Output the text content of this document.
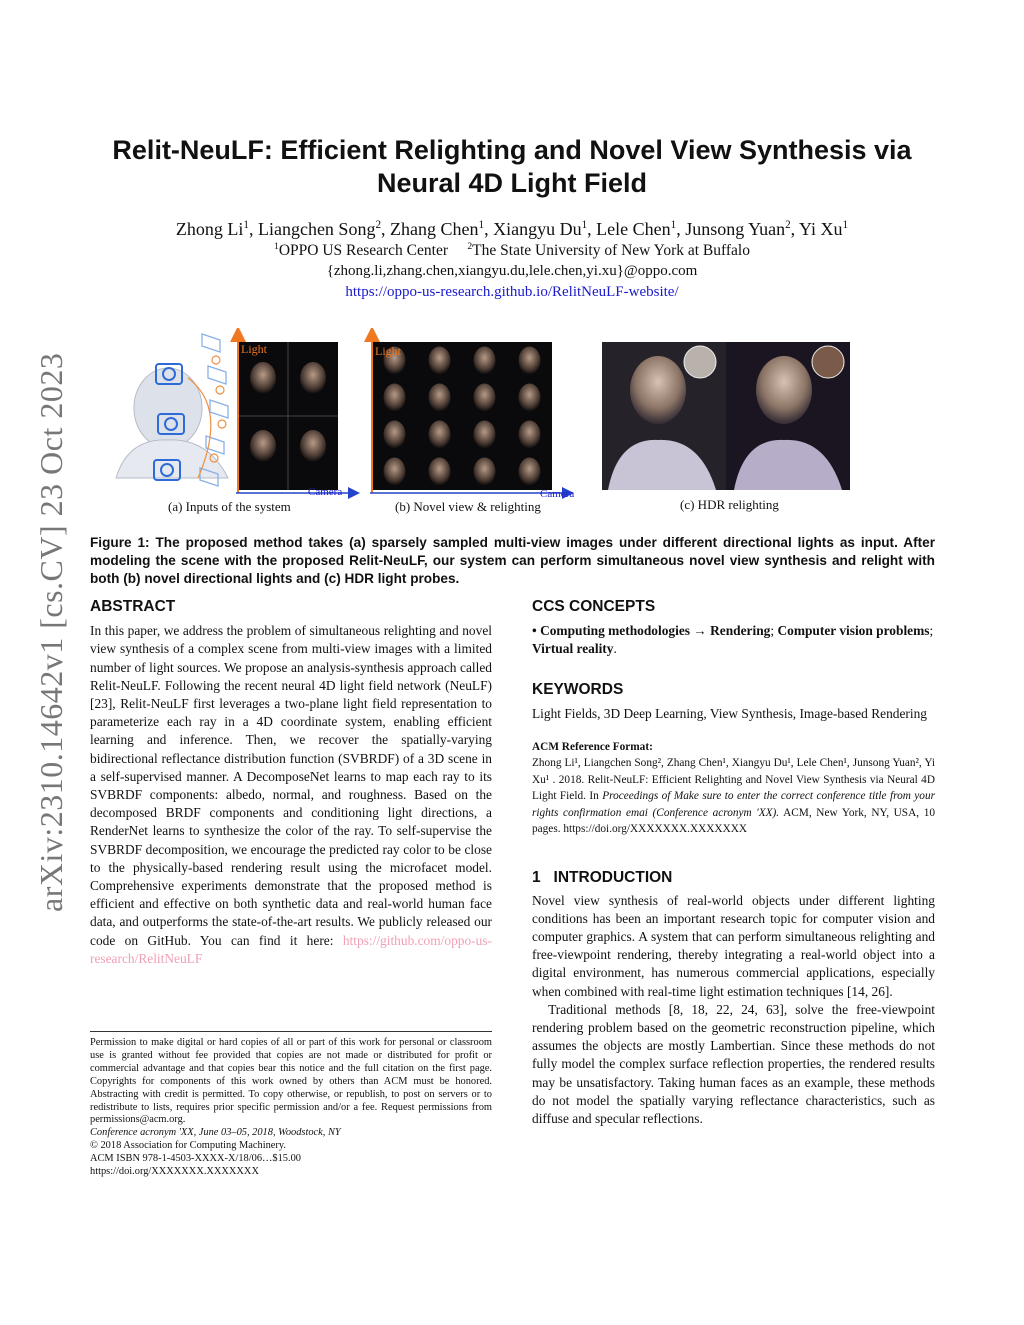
arXiv:2310.14642v1 [cs.CV] 23 Oct 2023
Relit-NeuLF: Efficient Relighting and Novel View Synthesis via
Neural 4D Light Field
Zhong Li$^1$, Liangchen Song$^2$, Zhang Chen$^1$, Xiangyu Du$^1$, Lele Chen$^1$, Junsong Yuan$^2$, Yi Xu$^1$
$^1$OPPO US Research Center $^2$The State University of New York at Buffalo
{zhong.li,zhang.chen,xiangyu.du,lele.chen,yi.xu}@oppo.com
https://oppo-us-research.github.io/RelitNeuLF-website/
Light
Camera
Light
Camera
(a) Inputs of the system	(b) Novel view & relighting	(c) HDR relighting
Figure 1: The proposed method takes (a) sparsely sampled multi-view images under different directional lights as input. After modeling the scene with the proposed Relit-NeuLF, our system can perform simultaneous novel view synthesis and relight with both (b) novel directional lights and (c) HDR light probes.
ABSTRACT

In this paper, we address the problem of simultaneous relighting and novel view synthesis of a complex scene from multi-view images with a limited number of light sources. We propose an analysis-synthesis approach called Relit-NeuLF. Following the recent neural 4D light field network (NeuLF) [23], Relit-NeuLF first leverages a two-plane light field representation to parameterize each ray in a 4D coordinate system, enabling efficient learning and inference. Then, we recover the spatially-varying bidirectional reflectance distribution function (SVBRDF) of a 3D scene in a self-supervised manner. A DecomposeNet learns to map each ray to its SVBRDF components: albedo, normal, and roughness. Based on the decomposed BRDF components and conditioning light directions, a RenderNet learns to synthesize the color of the ray. To self-supervise the SVBRDF decomposition, we encourage the predicted ray color to be close to the physically-based rendering result using the microfacet model. Comprehensive experiments demonstrate that the proposed method is efficient and effective on both synthetic data and real-world human face data, and outperforms the state-of-the-art results. We publicly released our code on GitHub. You can find it here: https://github.com/oppo-us-research/RelitNeuLF

Permission to make digital or hard copies of all or part of this work for personal or classroom use is granted without fee provided that copies are not made or distributed for profit or commercial advantage and that copies bear this notice and the full citation on the first page. Copyrights for components of this work owned by others than ACM must be honored. Abstracting with credit is permitted. To copy otherwise, or republish, to post on servers or to redistribute to lists, requires prior specific permission and/or a fee. Request permissions from permissions@acm.org.

Conference acronym 'XX, June 03–05, 2018, Woodstock, NY

© 2018 Association for Computing Machinery.

ACM ISBN 978-1-4503-XXXX-X/18/06…$15.00

https://doi.org/XXXXXXX.XXXXXXX

CCS CONCEPTS

• Computing methodologies → Rendering; Computer vision problems; Virtual reality.

KEYWORDS

Light Fields, 3D Deep Learning, View Synthesis, Image-based Rendering

ACM Reference Format:

Zhong Li¹, Liangchen Song², Zhang Chen¹, Xiangyu Du¹, Lele Chen¹, Junsong Yuan², Yi Xu¹ . 2018. Relit-NeuLF: Efficient Relighting and Novel View Synthesis via Neural 4D Light Field. In Proceedings of Make sure to enter the correct conference title from your rights confirmation emai (Conference acronym 'XX). ACM, New York, NY, USA, 10 pages. https://doi.org/XXXXXXX.XXXXXXX

1 INTRODUCTION

Novel view synthesis of real-world objects under different lighting conditions has been an important research topic for computer vision and computer graphics. A system that can perform simultaneous relighting and free-viewpoint rendering, thereby integrating a real-world object into a digital environment, has numerous commercial applications, especially when combined with real-time light estimation techniques [14, 26].

Traditional methods [8, 18, 22, 24, 63], solve the free-viewpoint rendering problem based on the geometric reconstruction pipeline, which assumes the objects are mostly Lambertian. Since these methods do not fully model the complex surface reflection properties, the rendered results may be unsatisfactory. Taking human faces as an example, these methods do not model the spatially varying reflectance characteristics, such as diffuse and specular reflections.
